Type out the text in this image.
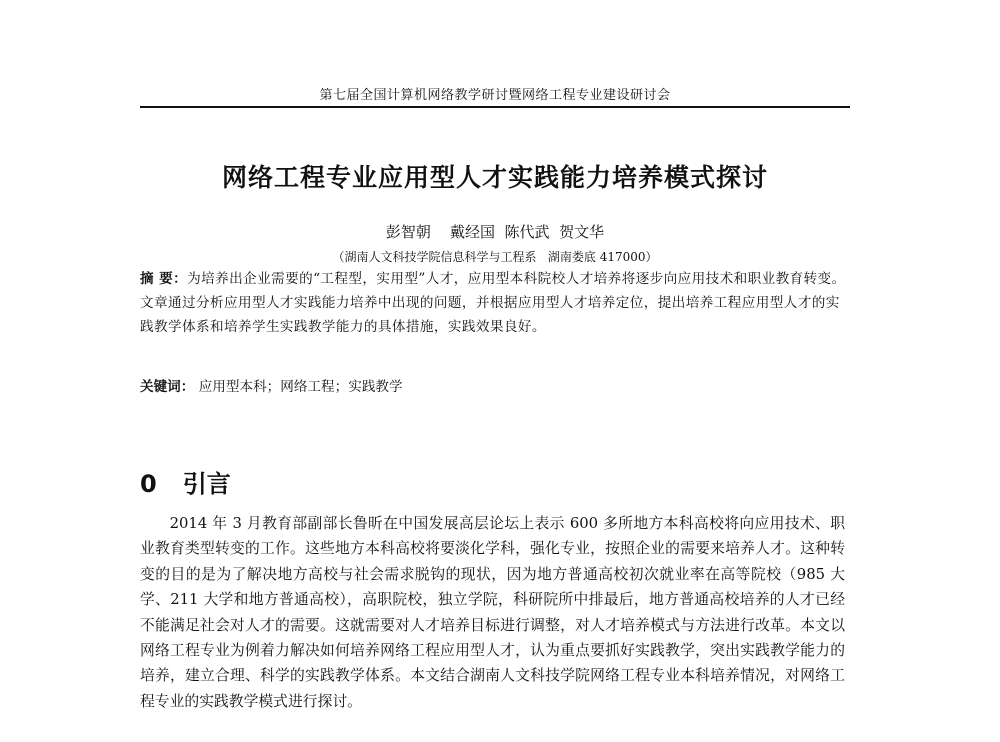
第七届全国计算机网络教学研讨暨网络工程专业建设研讨会
网络工程专业应用型人才实践能力培养模式探讨
彭智朝    戴经国  陈代武  贺文华
（湖南人文科技学院信息科学与工程系   湖南娄底 417000）

摘 要：为培养出企业需要的“工程型，实用型”人才，应用型本科院校人才培养将逐步向应用技术和职业教育转变。文章通过分析应用型人才实践能力培养中出现的问题，并根据应用型人才培养定位，提出培养工程应用型人才的实践教学体系和培养学生实践教学能力的具体措施，实践效果良好。

关键词： 应用型本科；网络工程；实践教学
0 引言

2014 年 3 月教育部副部长鲁昕在中国发展高层论坛上表示 600 多所地方本科高校将向应用技术、职业教育类型转变的工作。这些地方本科高校将要淡化学科，强化专业，按照企业的需要来培养人才。这种转变的目的是为了解决地方高校与社会需求脱钩的现状，因为地方普通高校初次就业率在高等院校（985 大学、211 大学和地方普通高校），高职院校，独立学院，科研院所中排最后，地方普通高校培养的人才已经不能满足社会对人才的需要。这就需要对人才培养目标进行调整，对人才培养模式与方法进行改革。本文以网络工程专业为例着力解决如何培养网络工程应用型人才，认为重点要抓好实践教学，突出实践教学能力的培养，建立合理、科学的实践教学体系。本文结合湖南人文科技学院网络工程专业本科培养情况，对网络工程专业的实践教学模式进行探讨。
